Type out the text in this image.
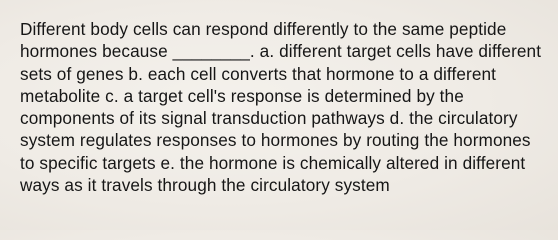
Different body cells can respond differently to the same peptide hormones because ________. a. different target cells have different sets of genes b. each cell converts that hormone to a different metabolite c. a target cell's response is determined by the components of its signal transduction pathways d. the circulatory system regulates responses to hormones by routing the hormones to specific targets e. the hormone is chemically altered in different ways as it travels through the circulatory system
